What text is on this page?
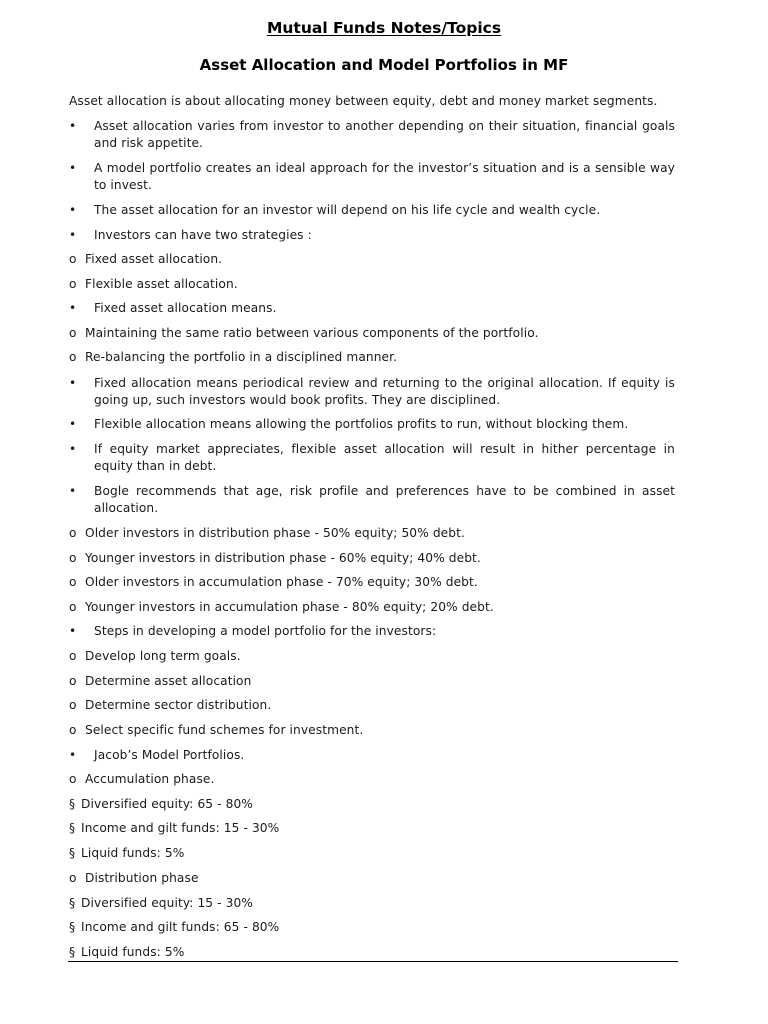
Mutual Funds Notes/Topics
Asset Allocation and Model Portfolios in MF
Asset allocation is about allocating money between equity, debt and money market segments.
•	Asset allocation varies from investor to another depending on their situation, financial goals and risk appetite.
•	A model portfolio creates an ideal approach for the investor’s situation and is a sensible way to invest.
•	The asset allocation for an investor will depend on his life cycle and wealth cycle.
•	Investors can have two strategies :
o Fixed asset allocation.
o Flexible asset allocation.
•	Fixed asset allocation means.
o Maintaining the same ratio between various components of the portfolio.
o Re-balancing the portfolio in a disciplined manner.
•	Fixed allocation means periodical review and returning to the original allocation. If equity is going up, such investors would book profits. They are disciplined.
•	Flexible allocation means allowing the portfolios profits to run, without blocking them.
•	If equity market appreciates, flexible asset allocation will result in hither percentage in equity than in debt.
•	Bogle recommends that age, risk profile and preferences have to be combined in asset allocation.
o Older investors in distribution phase - 50% equity; 50% debt.
o Younger investors in distribution phase - 60% equity; 40% debt.
o Older investors in accumulation phase - 70% equity; 30% debt.
o Younger investors in accumulation phase - 80% equity; 20% debt.
•	Steps in developing a model portfolio for the investors:
o Develop long term goals.
o Determine asset allocation
o Determine sector distribution.
o Select specific fund schemes for investment.
•	Jacob’s Model Portfolios.
o Accumulation phase.
§ Diversified equity: 65 - 80%
§ Income and gilt funds: 15 - 30%
§ Liquid funds: 5%
o Distribution phase
§ Diversified equity: 15 - 30%
§ Income and gilt funds: 65 - 80%
§ Liquid funds: 5%
